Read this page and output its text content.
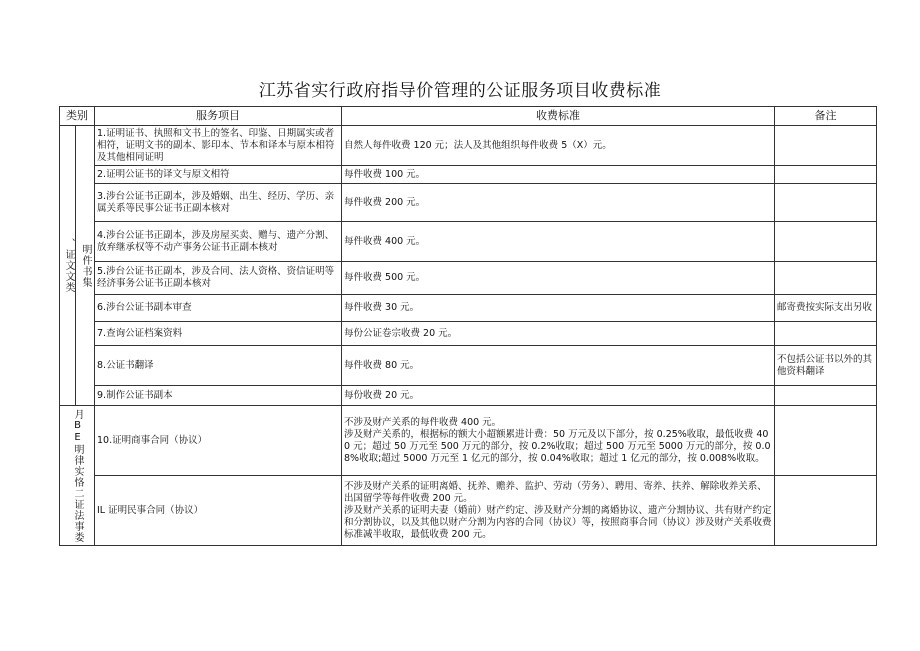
江苏省实行政府指导价管理的公证服务项目收费标准
类别		服务项目	收费标准	备注

、证文文类	明件书集	1.证明证书、执照和文书上的签名、印鉴、日期属实或者相符，证明文书的副本、影印本、节本和译本与原本相符及其他相同证明	自然人每件收费 120 元；法人及其他组织每件收费 5（X）元。	
		2.证明公证书的译文与原文相符	每件收费 100 元。	
		3.涉台公证书正副本，涉及婚姻、出生、经历、学历、亲属关系等民事公证书正副本核对	每件收费 200 元。	
		4.涉台公证书正副本，涉及房屋买卖、赠与、遗产分割、放弃继承权等不动产事务公证书正副本核对	每件收费 400 元。	
		5.涉台公证书正副本，涉及合同、法人资格、资信证明等经济事务公证书正副本核对	每件收费 500 元。	
		6.涉台公证书副本审查	每件收费 30 元。	邮寄费按实际支出另收
		7.查询公证档案资料	每份公证卷宗收费 20 元。	
		8.公证书翻译	每件收费 80 元。	不包括公证书以外的其他资料翻译
		9.制作公证书副本	每份收费 20 元。	

月BE明律实恪二证法事娄		10.证明商事合同（协议）	不涉及财产关系的每件收费 400 元。
涉及财产关系的，根据标的额大小超额累进计费：50 万元及以下部分，按 0.25%收取，最低收费 400 元；超过 50 万元至 500 万元的部分，按 0.2%收取；超过 500 万元至 5000 万元的部分，按 0.08%收取;超过 5000 万元至 1 亿元的部分，按 0.04%收取；超过 1 亿元的部分，按 0.008%收取。	
		IL 证明民事合同（协议）	不涉及财产关系的证明离婚、抚养、赡养、监护、劳动（劳务）、聘用、寄养、扶养、解除收养关系、出国留学等每件收费 200 元。
涉及财产关系的证明夫妻（婚前）财产约定、涉及财产分割的离婚协议、遗产分割协议、共有财产约定和分割协议，以及其他以财产分割为内容的合同（协议）等，按照商事合同（协议）涉及财产关系收费标准减半收取，最低收费 200 元。	
